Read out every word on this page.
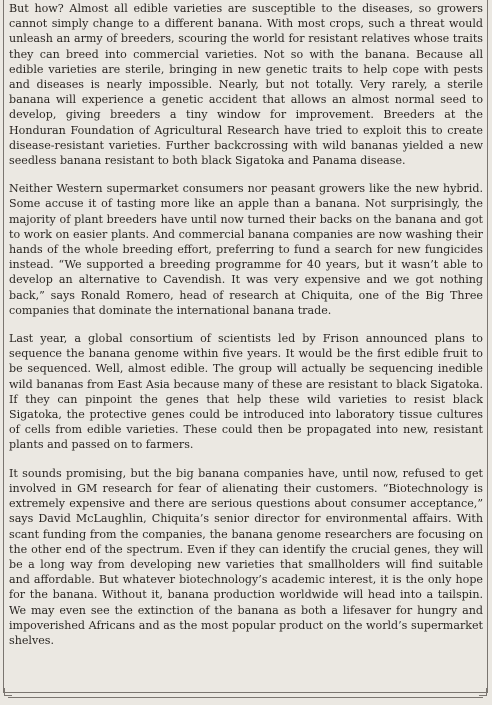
But how? Almost all edible varieties are susceptible to the diseases, so growers cannot simply change to a different banana. With most crops, such a threat would unleash an army of breeders, scouring the world for resistant relatives whose traits they can breed into commercial varieties. Not so with the banana. Because all edible varieties are sterile, bringing in new genetic traits to help cope with pests and diseases is nearly impossible. Nearly, but not totally. Very rarely, a sterile banana will experience a genetic accident that allows an almost normal seed to develop, giving breeders a tiny window for improvement. Breeders at the Honduran Foundation of Agricultural Research have tried to exploit this to create disease-resistant varieties. Further backcrossing with wild bananas yielded a new seedless banana resistant to both black Sigatoka and Panama disease.

Neither Western supermarket consumers nor peasant growers like the new hybrid. Some accuse it of tasting more like an apple than a banana. Not surprisingly, the majority of plant breeders have until now turned their backs on the banana and got to work on easier plants. And commercial banana companies are now washing their hands of the whole breeding effort, preferring to fund a search for new fungicides instead. “We supported a breeding programme for 40 years, but it wasn’t able to develop an alternative to Cavendish. It was very expensive and we got nothing back,” says Ronald Romero, head of research at Chiquita, one of the Big Three companies that dominate the international banana trade.

Last year, a global consortium of scientists led by Frison announced plans to sequence the banana genome within five years. It would be the first edible fruit to be sequenced. Well, almost edible. The group will actually be sequencing inedible wild bananas from East Asia because many of these are resistant to black Sigatoka. If they can pinpoint the genes that help these wild varieties to resist black Sigatoka, the protective genes could be introduced into laboratory tissue cultures of cells from edible varieties. These could then be propagated into new, resistant plants and passed on to farmers.

It sounds promising, but the big banana companies have, until now, refused to get involved in GM research for fear of alienating their customers. “Biotechnology is extremely expensive and there are serious questions about consumer acceptance,” says David McLaughlin, Chiquita’s senior director for environmental affairs. With scant funding from the companies, the banana genome researchers are focusing on the other end of the spectrum. Even if they can identify the crucial genes, they will be a long way from developing new varieties that smallholders will find suitable and affordable. But whatever biotechnology’s academic interest, it is the only hope for the banana. Without it, banana production worldwide will head into a tailspin. We may even see the extinction of the banana as both a lifesaver for hungry and impoverished Africans and as the most popular product on the world’s supermarket shelves.
